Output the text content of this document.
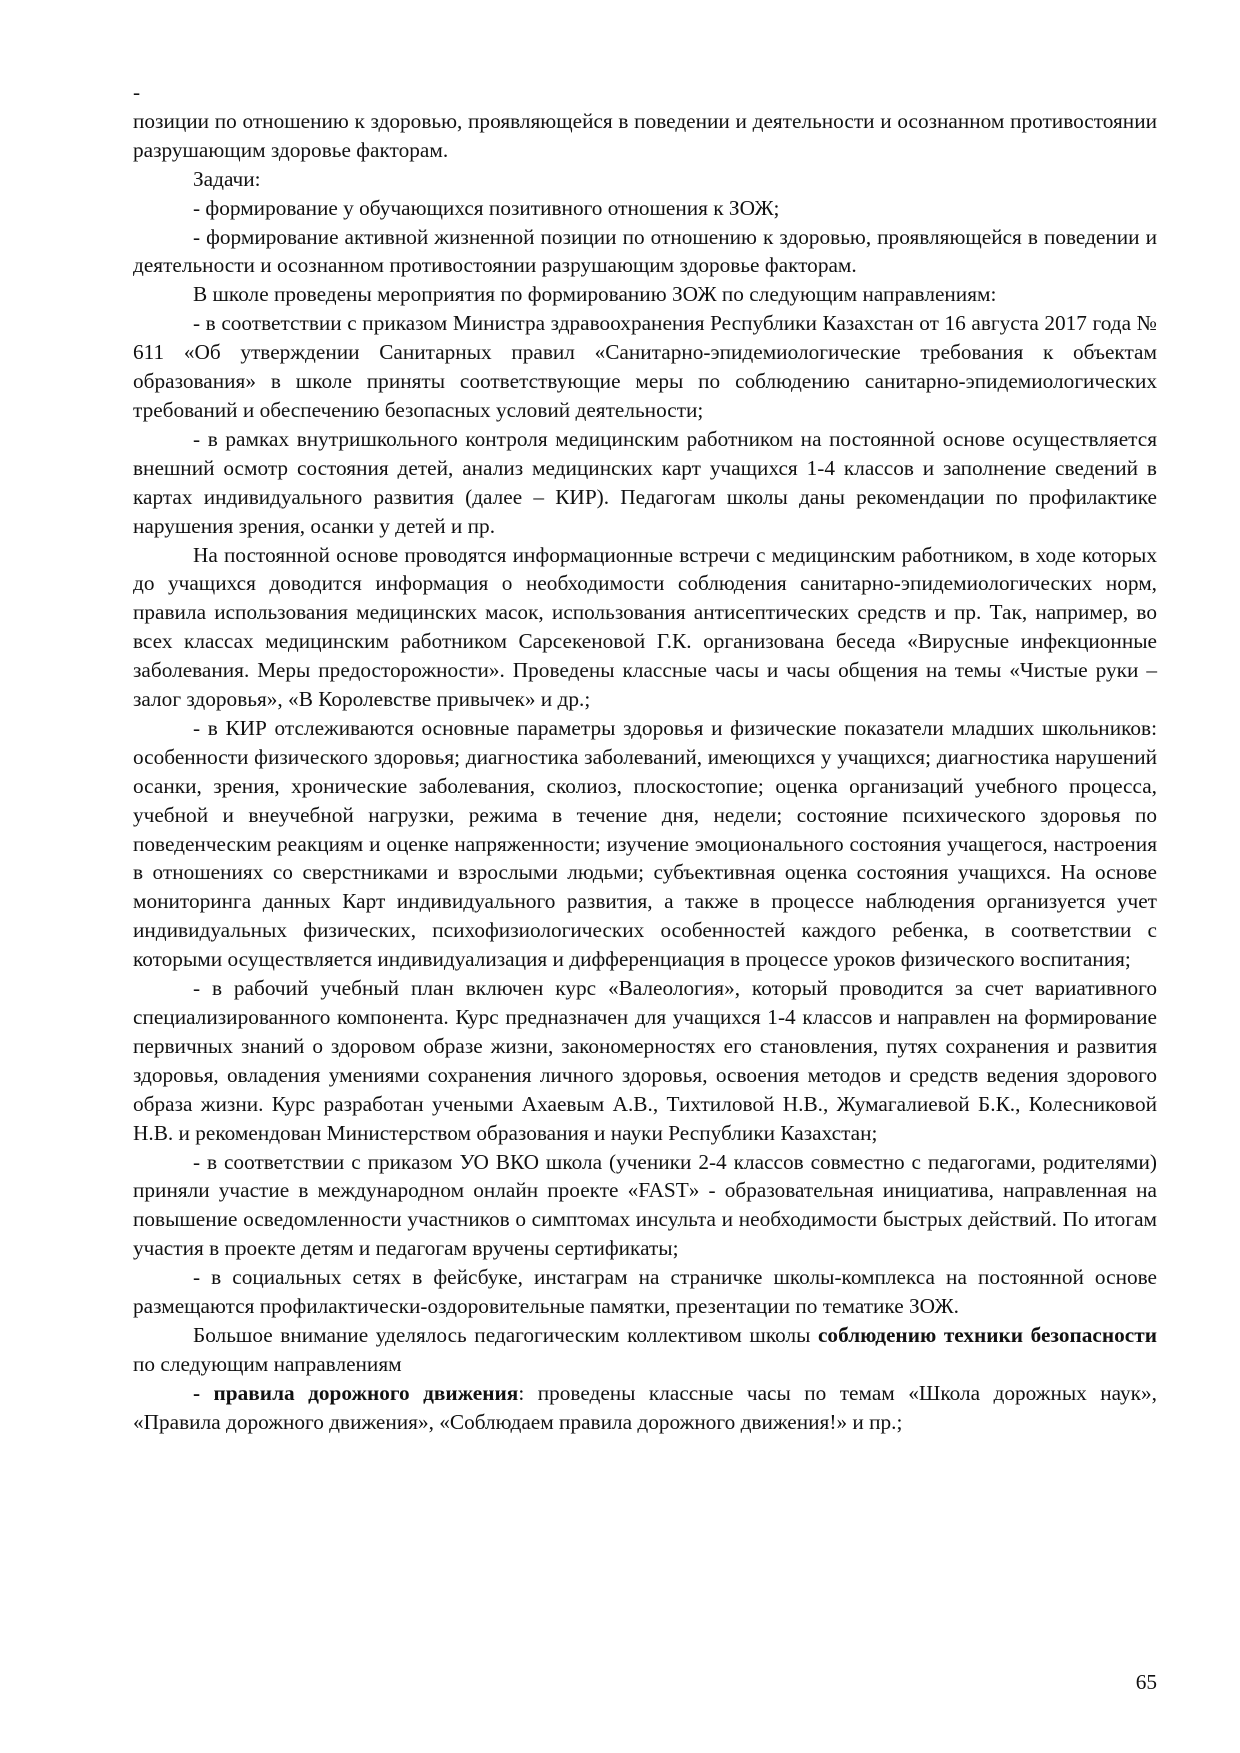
-

позиции по отношению к здоровью, проявляющейся в поведении и деятельности и осознанном противостоянии разрушающим здоровье факторам.

Задачи:

- формирование у обучающихся позитивного отношения к ЗОЖ;

- формирование активной жизненной позиции по отношению к здоровью, проявляющейся в поведении и деятельности и осознанном противостоянии разрушающим здоровье факторам.

В школе проведены мероприятия по формированию ЗОЖ по следующим направлениям:

- в соответствии с приказом Министра здравоохранения Республики Казахстан от 16 августа 2017 года № 611 «Об утверждении Санитарных правил «Санитарно-эпидемиологические требования к объектам образования» в школе приняты соответствующие меры по соблюдению санитарно-эпидемиологических требований и обеспечению безопасных условий деятельности;

- в рамках внутришкольного контроля медицинским работником на постоянной основе осуществляется внешний осмотр состояния детей, анализ медицинских карт учащихся 1-4 классов и заполнение сведений в картах индивидуального развития (далее – КИР). Педагогам школы даны рекомендации по профилактике нарушения зрения, осанки у детей и пр.

На постоянной основе проводятся информационные встречи с медицинским работником, в ходе которых до учащихся доводится информация о необходимости соблюдения санитарно-эпидемиологических норм, правила использования медицинских масок, использования антисептических средств и пр. Так, например, во всех классах медицинским работником Сарсекеновой Г.К. организована беседа «Вирусные инфекционные заболевания. Меры предосторожности». Проведены классные часы и часы общения на темы «Чистые руки – залог здоровья», «В Королевстве привычек» и др.;

- в КИР отслеживаются основные параметры здоровья и физические показатели младших школьников: особенности физического здоровья; диагностика заболеваний, имеющихся у учащихся; диагностика нарушений осанки, зрения, хронические заболевания, сколиоз, плоскостопие; оценка организаций учебного процесса, учебной и внеучебной нагрузки, режима в течение дня, недели; состояние психического здоровья по поведенческим реакциям и оценке напряженности; изучение эмоционального состояния учащегося, настроения в отношениях со сверстниками и взрослыми людьми; субъективная оценка состояния учащихся. На основе мониторинга данных Карт индивидуального развития, а также в процессе наблюдения организуется учет индивидуальных физических, психофизиологических особенностей каждого ребенка, в соответствии с которыми осуществляется индивидуализация и дифференциация в процессе уроков физического воспитания;

- в рабочий учебный план включен курс «Валеология», который проводится за счет вариативного специализированного компонента. Курс предназначен для учащихся 1-4 классов и направлен на формирование первичных знаний о здоровом образе жизни, закономерностях его становления, путях сохранения и развития здоровья, овладения умениями сохранения личного здоровья, освоения методов и средств ведения здорового образа жизни. Курс разработан учеными Ахаевым А.В., Тихтиловой Н.В., Жумагалиевой Б.К., Колесниковой Н.В. и рекомендован Министерством образования и науки Республики Казахстан;

- в соответствии с приказом УО ВКО школа (ученики 2-4 классов совместно с педагогами, родителями) приняли участие в международном онлайн проекте «FAST» - образовательная инициатива, направленная на повышение осведомленности участников о симптомах инсульта и необходимости быстрых действий. По итогам участия в проекте детям и педагогам вручены сертификаты;

- в социальных сетях в фейсбуке, инстаграм на страничке школы-комплекса на постоянной основе размещаются профилактически-оздоровительные памятки, презентации по тематике ЗОЖ.

Большое внимание уделялось педагогическим коллективом школы соблюдению техники безопасности по следующим направлениям

- правила дорожного движения: проведены классные часы по темам «Школа дорожных наук», «Правила дорожного движения», «Соблюдаем правила дорожного движения!» и пр.;

65
